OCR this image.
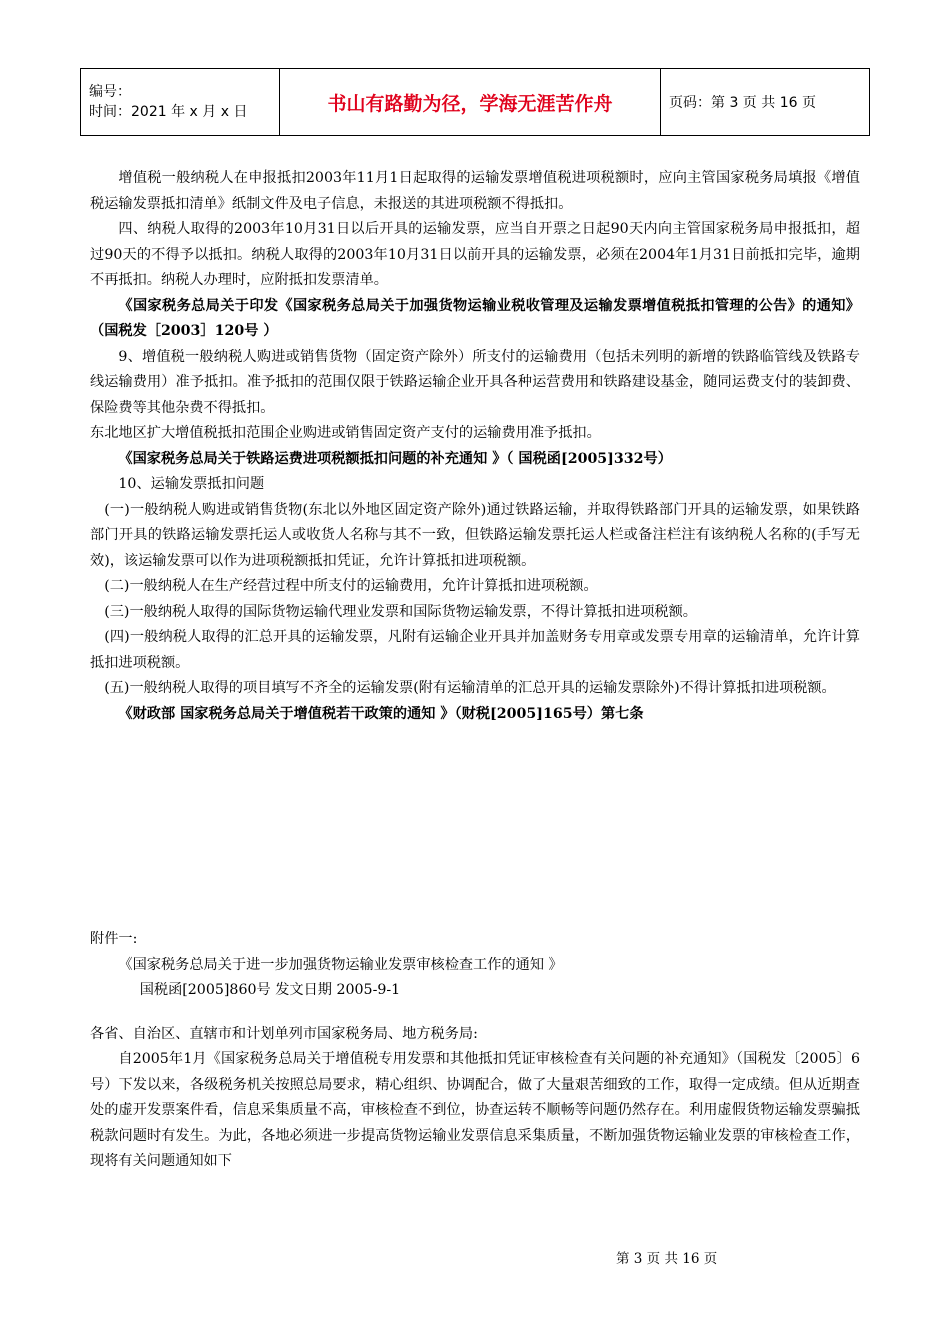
编号：
时间：2021 年 x 月 x 日	书山有路勤为径，学海无涯苦作舟	页码：第 3 页 共 16 页

增值税一般纳税人在申报抵扣2003年11月1日起取得的运输发票增值税进项税额时，应向主管国家税务局填报《增值税运输发票抵扣清单》纸制文件及电子信息，未报送的其进项税额不得抵扣。

四、纳税人取得的2003年10月31日以后开具的运输发票，应当自开票之日起90天内向主管国家税务局申报抵扣，超过90天的不得予以抵扣。纳税人取得的2003年10月31日以前开具的运输发票，必须在2004年1月31日前抵扣完毕，逾期不再抵扣。纳税人办理时，应附抵扣发票清单。

《国家税务总局关于印发《国家税务总局关于加强货物运输业税收管理及运输发票增值税抵扣管理的公告》的通知》 （国税发［2003］120号 ）

9、增值税一般纳税人购进或销售货物（固定资产除外）所支付的运输费用（包括未列明的新增的铁路临管线及铁路专线运输费用）准予抵扣。准予抵扣的范围仅限于铁路运输企业开具各种运营费用和铁路建设基金，随同运费支付的装卸费、保险费等其他杂费不得抵扣。

东北地区扩大增值税抵扣范围企业购进或销售固定资产支付的运输费用准予抵扣。

《国家税务总局关于铁路运费进项税额抵扣问题的补充通知 》（ 国税函[2005]332号）

10、运输发票抵扣问题

(一)一般纳税人购进或销售货物(东北以外地区固定资产除外)通过铁路运输，并取得铁路部门开具的运输发票，如果铁路部门开具的铁路运输发票托运人或收货人名称与其不一致，但铁路运输发票托运人栏或备注栏注有该纳税人名称的(手写无效)，该运输发票可以作为进项税额抵扣凭证，允许计算抵扣进项税额。

(二)一般纳税人在生产经营过程中所支付的运输费用，允许计算抵扣进项税额。

(三)一般纳税人取得的国际货物运输代理业发票和国际货物运输发票，不得计算抵扣进项税额。

(四)一般纳税人取得的汇总开具的运输发票，凡附有运输企业开具并加盖财务专用章或发票专用章的运输清单，允许计算抵扣进项税额。

(五)一般纳税人取得的项目填写不齐全的运输发票(附有运输清单的汇总开具的运输发票除外)不得计算抵扣进项税额。

《财政部 国家税务总局关于增值税若干政策的通知 》（财税[2005]165号）第七条

附件一:

《国家税务总局关于进一步加强货物运输业发票审核检查工作的通知 》

国税函[2005]860号 发文日期 2005-9-1

各省、自治区、直辖市和计划单列市国家税务局、地方税务局:

自2005年1月《国家税务总局关于增值税专用发票和其他抵扣凭证审核检查有关问题的补充通知》（国税发〔2005〕6号）下发以来，各级税务机关按照总局要求，精心组织、协调配合，做了大量艰苦细致的工作，取得一定成绩。但从近期查处的虚开发票案件看，信息采集质量不高，审核检查不到位，协查运转不顺畅等问题仍然存在。利用虚假货物运输发票骗抵税款问题时有发生。为此，各地必须进一步提高货物运输业发票信息采集质量，不断加强货物运输业发票的审核检查工作，现将有关问题通知如下

第 3 页 共 16 页
